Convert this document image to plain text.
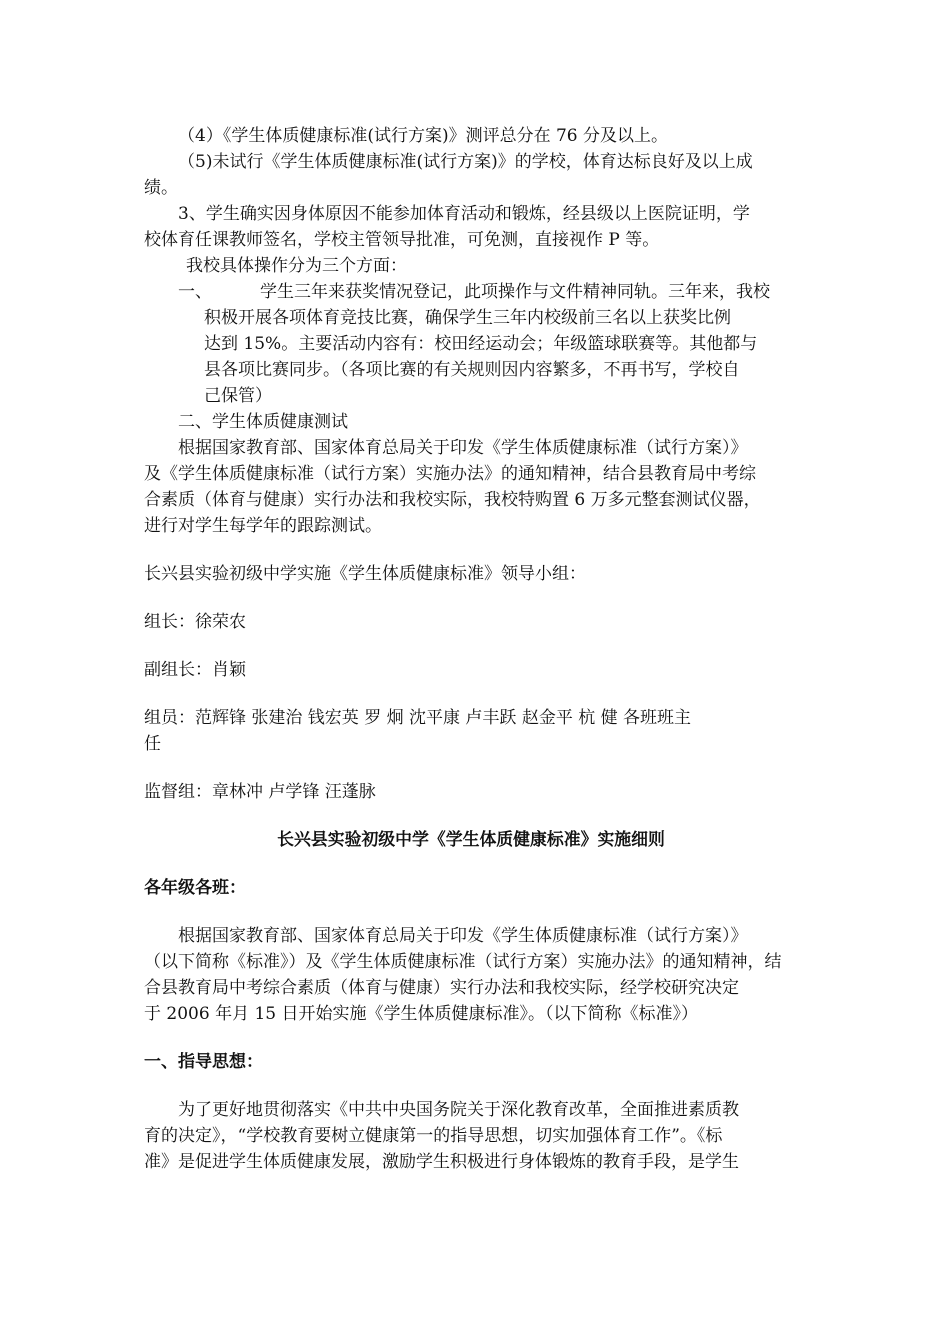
（4）《学生体质健康标准(试行方案)》测评总分在 76 分及以上。
（5)未试行《学生体质健康标准(试行方案)》的学校，体育达标良好及以上成
绩。
3、学生确实因身体原因不能参加体育活动和锻炼，经县级以上医院证明，学
校体育任课教师签名，学校主管领导批准，可免测，直接视作 P 等。
我校具体操作分为三个方面：
一、	学生三年来获奖情况登记，此项操作与文件精神同轨。三年来，我校
积极开展各项体育竞技比赛，确保学生三年内校级前三名以上获奖比例
达到 15%。主要活动内容有：校田经运动会；年级篮球联赛等。其他都与
县各项比赛同步。（各项比赛的有关规则因内容繁多，不再书写，学校自
己保管）
二、学生体质健康测试
根据国家教育部、国家体育总局关于印发《学生体质健康标准（试行方案）》
及《学生体质健康标准（试行方案）实施办法》的通知精神，结合县教育局中考综
合素质（体育与健康）实行办法和我校实际，我校特购置 6 万多元整套测试仪器，
进行对学生每学年的跟踪测试。
长兴县实验初级中学实施《学生体质健康标准》领导小组：
组长：徐荣农
副组长：肖颖
组员：范辉锋 张建治 钱宏英 罗 炯 沈平康 卢丰跃 赵金平 杭 健 各班班主
任
监督组：章林冲 卢学锋 汪蓬脉
长兴县实验初级中学《学生体质健康标准》实施细则
各年级各班：
根据国家教育部、国家体育总局关于印发《学生体质健康标准（试行方案）》
（以下简称《标准》）及《学生体质健康标准（试行方案）实施办法》的通知精神，结
合县教育局中考综合素质（体育与健康）实行办法和我校实际，经学校研究决定
于 2006 年月 15 日开始实施《学生体质健康标准》。（以下简称《标准》）
一、指导思想：
为了更好地贯彻落实《中共中央国务院关于深化教育改革，全面推进素质教
育的决定》，“学校教育要树立健康第一的指导思想，切实加强体育工作”。《标
准》是促进学生体质健康发展，激励学生积极进行身体锻炼的教育手段，是学生
